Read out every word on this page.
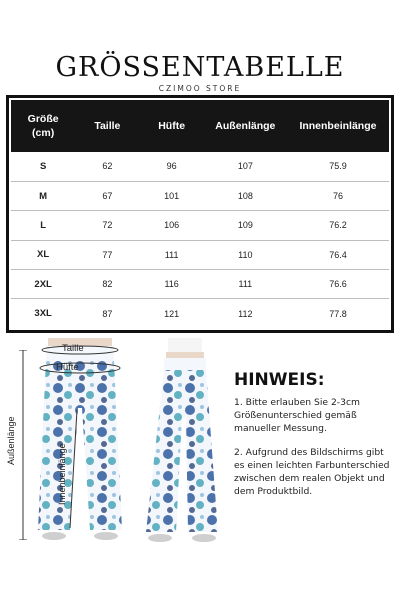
GRÖSSENTABELLE
CZIMOO STORE
Größe
(cm)	Taille	Hüfte	Außenlänge	Innenbeinlänge
S	62	96	107	75.9
M	67	101	108	76
L	72	106	109	76.2
XL	77	111	110	76.4
2XL	82	116	111	76.6
3XL	87	121	112	77.8
Taille
Hüfte
Außenlänge
Innenbeinlänge
HINWEIS:
1. Bitte erlauben Sie 2-3cm Größenunterschied gemäß manueller Messung.
2. Aufgrund des Bildschirms gibt es einen leichten Farbunterschied zwischen dem realen Objekt und dem Produktbild.
